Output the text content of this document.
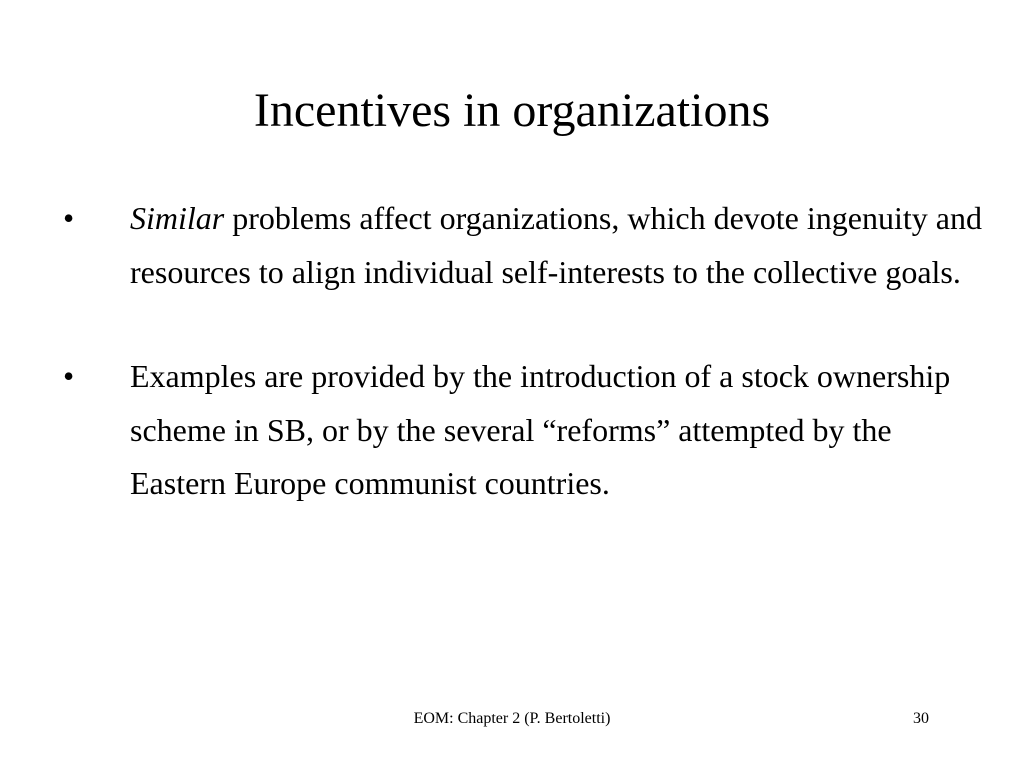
Incentives in organizations
• Similar problems affect organizations, which devote ingenuity and resources to align individual self-interests to the collective goals.
• Examples are provided by the introduction of a stock ownership scheme in SB, or by the several “reforms” attempted by the Eastern Europe communist countries.
EOM: Chapter 2 (P. Bertoletti)	30
